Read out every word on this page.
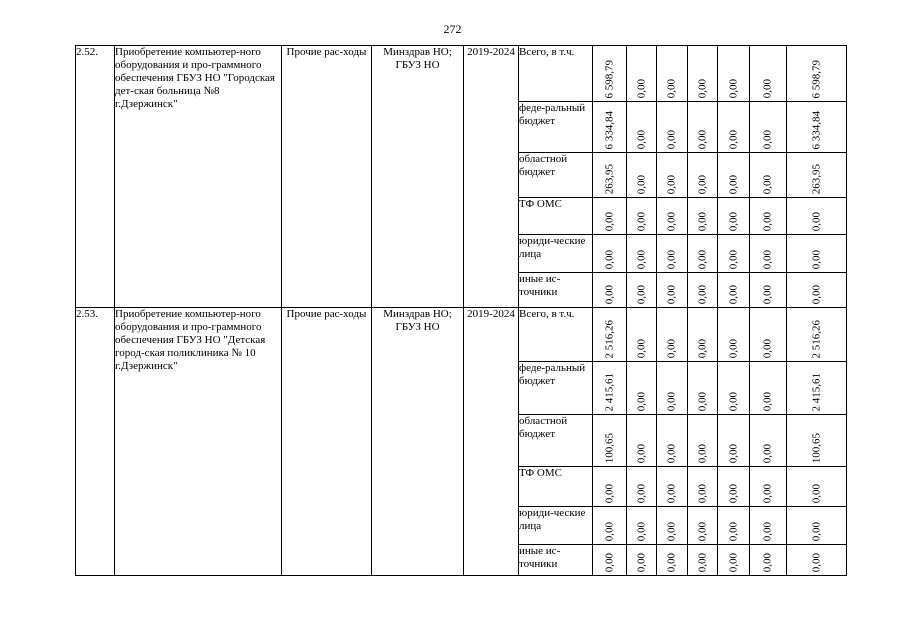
272
2.52.	Приобретение компьютер-ного оборудования и про-граммного обеспечения ГБУЗ НО "Городская дет-ская больница №8 г.Дзержинск"	Прочие рас-ходы	Минздрав НО; ГБУЗ НО	2019-2024	Всего, в т.ч.	6 598,79	0,00	0,00	0,00	0,00	0,00	6 598,79

					феде-ральный бюджет	6 334,84	0,00	0,00	0,00	0,00	0,00	6 334,84

					областной бюджет	263,95	0,00	0,00	0,00	0,00	0,00	263,95

					ТФ ОМС	0,00	0,00	0,00	0,00	0,00	0,00	0,00

					юриди-ческие лица	0,00	0,00	0,00	0,00	0,00	0,00	0,00

					иные ис-точники	0,00	0,00	0,00	0,00	0,00	0,00	0,00

2.53.	Приобретение компьютер-ного оборудования и про-граммного обеспечения ГБУЗ НО "Детская город-ская поликлиника № 10 г.Дзержинск"	Прочие рас-ходы	Минздрав НО; ГБУЗ НО	2019-2024	Всего, в т.ч.	2 516,26	0,00	0,00	0,00	0,00	0,00	2 516,26

					феде-ральный бюджет	2 415,61	0,00	0,00	0,00	0,00	0,00	2 415,61

					областной бюджет	100,65	0,00	0,00	0,00	0,00	0,00	100,65

					ТФ ОМС	0,00	0,00	0,00	0,00	0,00	0,00	0,00

					юриди-ческие лица	0,00	0,00	0,00	0,00	0,00	0,00	0,00

					иные ис-точники	0,00	0,00	0,00	0,00	0,00	0,00	0,00
